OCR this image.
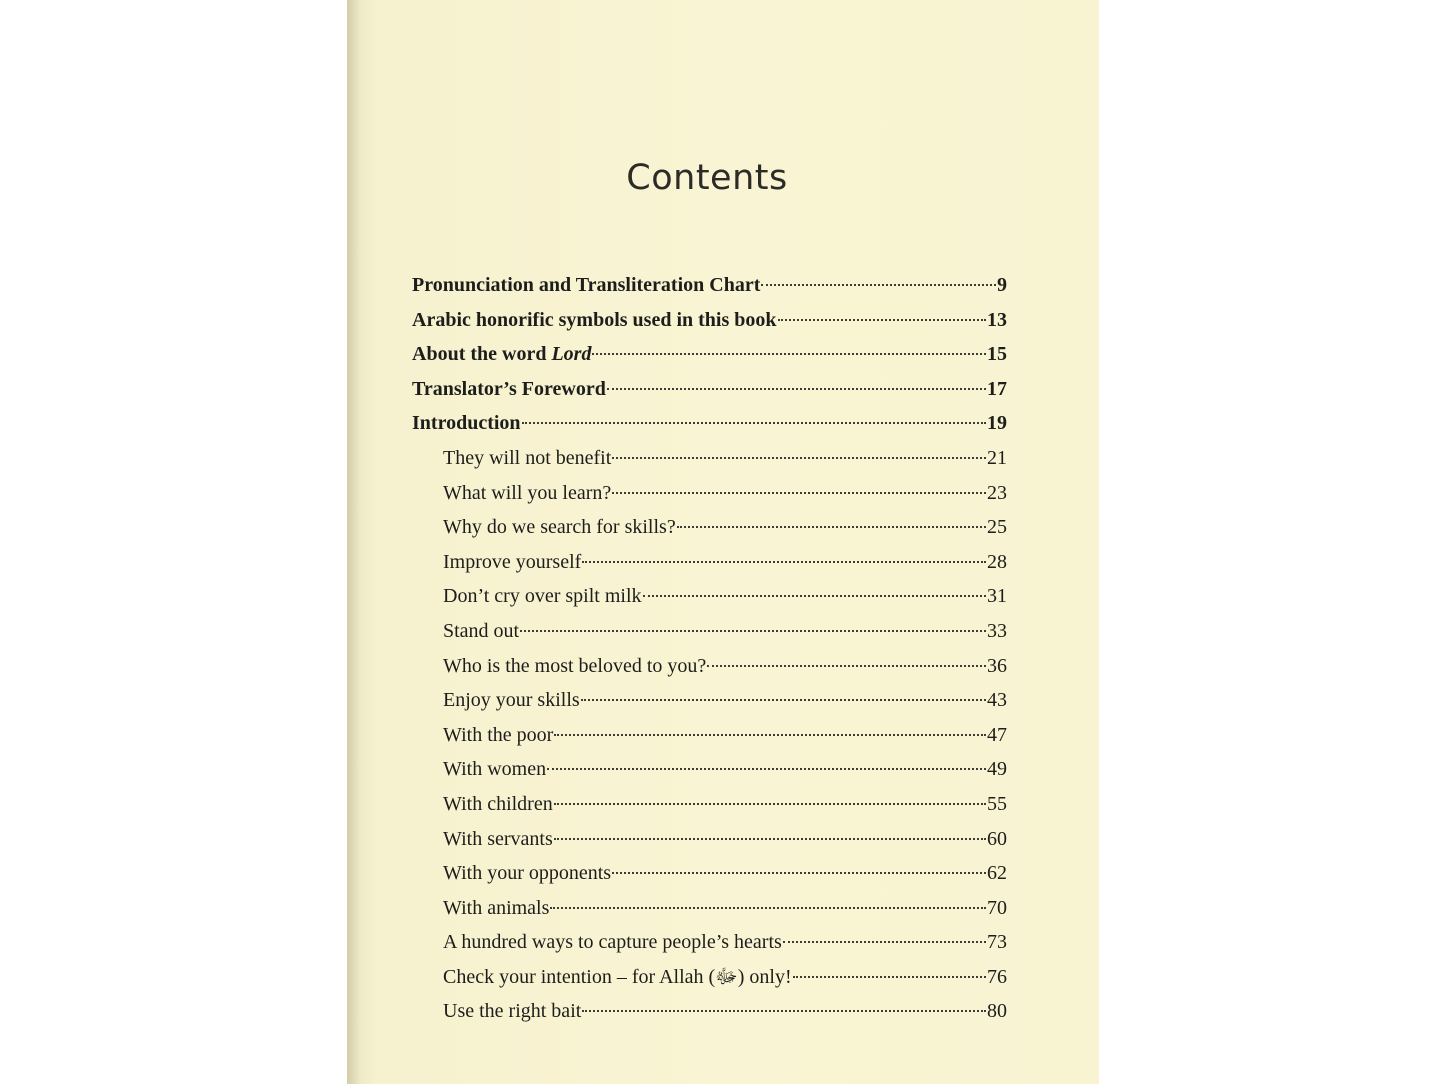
Contents
Pronunciation and Transliteration Chart	9
Arabic honorific symbols used in this book	13
About the word Lord	15
Translator’s Foreword	17
Introduction	19
They will not benefit	21
What will you learn?	23
Why do we search for skills?	25
Improve yourself	28
Don’t cry over spilt milk	31
Stand out	33
Who is the most beloved to you?	36
Enjoy your skills	43
With the poor	47
With women	49
With children	55
With servants	60
With your opponents	62
With animals	70
A hundred ways to capture people’s hearts	73
Check your intention – for Allah (ﷻ) only!	76
Use the right bait	80
